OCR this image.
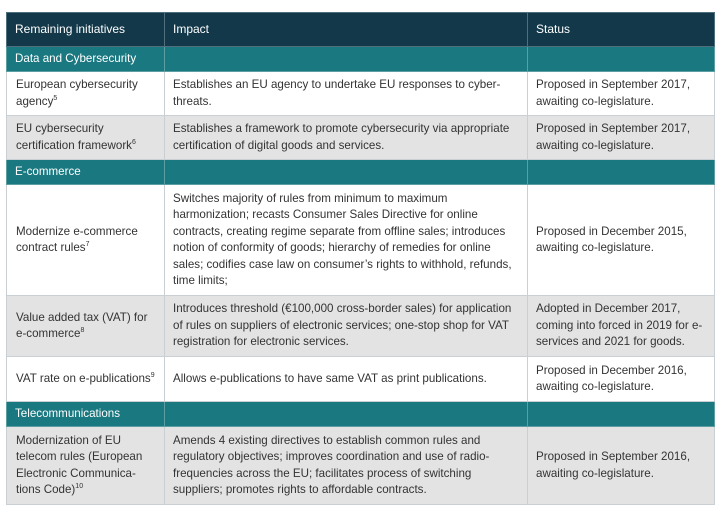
Remaining initiatives	Impact	Status
Data and Cybersecurity		
European cybersecurity agency$^5$	Establishes an EU agency to undertake EU responses to cyber-threats.	Proposed in September 2017, awaiting co-legislature.
EU cybersecurity certification framework$^6$	Establishes a framework to promote cybersecurity via appropriate certification of digital goods and services.	Proposed in September 2017, awaiting co-legislature.
E-commerce		
Modernize e-commerce contract rules$^7$	Switches majority of rules from minimum to maximum harmonization; recasts Consumer Sales Directive for online contracts, creating regime separate from offline sales; introduces notion of conformity of goods; hierarchy of remedies for online sales; codifies case law on consumer’s rights to withhold, refunds, time limits;	Proposed in December 2015, awaiting co-legislature.
Value added tax (VAT) for e-commerce$^8$	Introduces threshold (€100,000 cross-border sales) for application of rules on suppliers of electronic services; one-stop shop for VAT registration for electronic services.	Adopted in December 2017, coming into forced in 2019 for e-services and 2021 for goods.
VAT rate on e-publications$^9$	Allows e-publications to have same VAT as print publications.	Proposed in December 2016, awaiting co-legislature.
Telecommunications		
Modernization of EU telecom rules (European Electronic Communications Code)$^{10}$	Amends 4 existing directives to establish common rules and regulatory objectives; improves coordination and use of radio-frequencies across the EU; facilitates process of switching suppliers; promotes rights to affordable contracts.	Proposed in September 2016, awaiting co-legislature.
